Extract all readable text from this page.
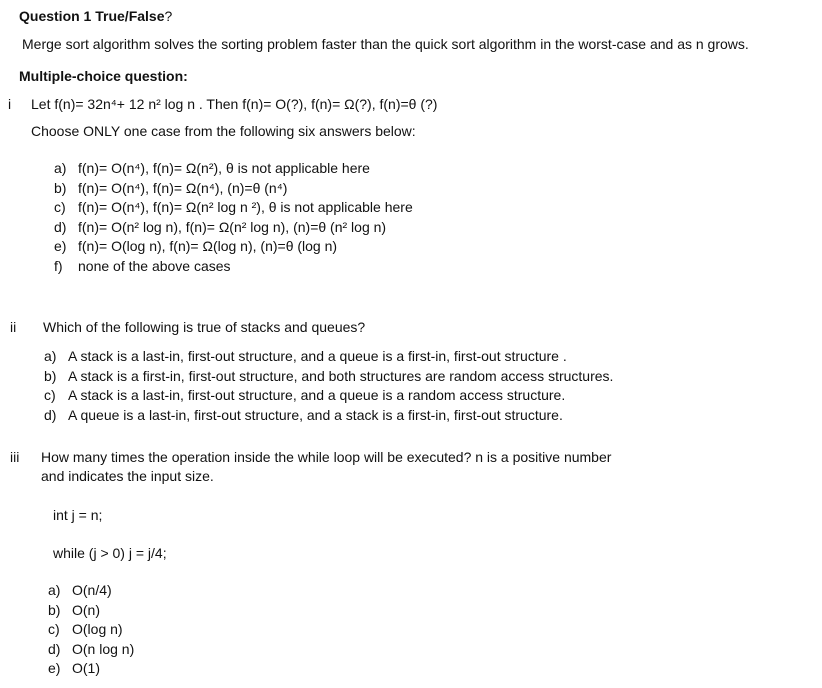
Question 1 True/False?
Merge sort algorithm solves the sorting problem faster than the quick sort algorithm in the worst-case and as n grows.
Multiple-choice question:
i Let f(n)= 32n⁴+ 12 n² log n . Then f(n)= O(?), f(n)= Ω(?), f(n)=θ (?)
Choose ONLY one case from the following six answers below:
a) f(n)= O(n⁴), f(n)= Ω(n²), θ is not applicable here
b) f(n)= O(n⁴), f(n)= Ω(n⁴), (n)=θ (n⁴)
c) f(n)= O(n⁴), f(n)= Ω(n² log n ²), θ is not applicable here
d) f(n)= O(n² log n), f(n)= Ω(n² log n), (n)=θ (n² log n)
e) f(n)= O(log n), f(n)= Ω(log n), (n)=θ (log n)
f) none of the above cases
ii Which of the following is true of stacks and queues?
a) A stack is a last-in, first-out structure, and a queue is a first-in, first-out structure .
b) A stack is a first-in, first-out structure, and both structures are random access structures.
c) A stack is a last-in, first-out structure, and a queue is a random access structure.
d) A queue is a last-in, first-out structure, and a stack is a first-in, first-out structure.
iii How many times the operation inside the while loop will be executed? n is a positive number
and indicates the input size.
int j = n;
while (j > 0) j = j/4;
a) O(n/4)
b) O(n)
c) O(log n)
d) O(n log n)
e) O(1)
